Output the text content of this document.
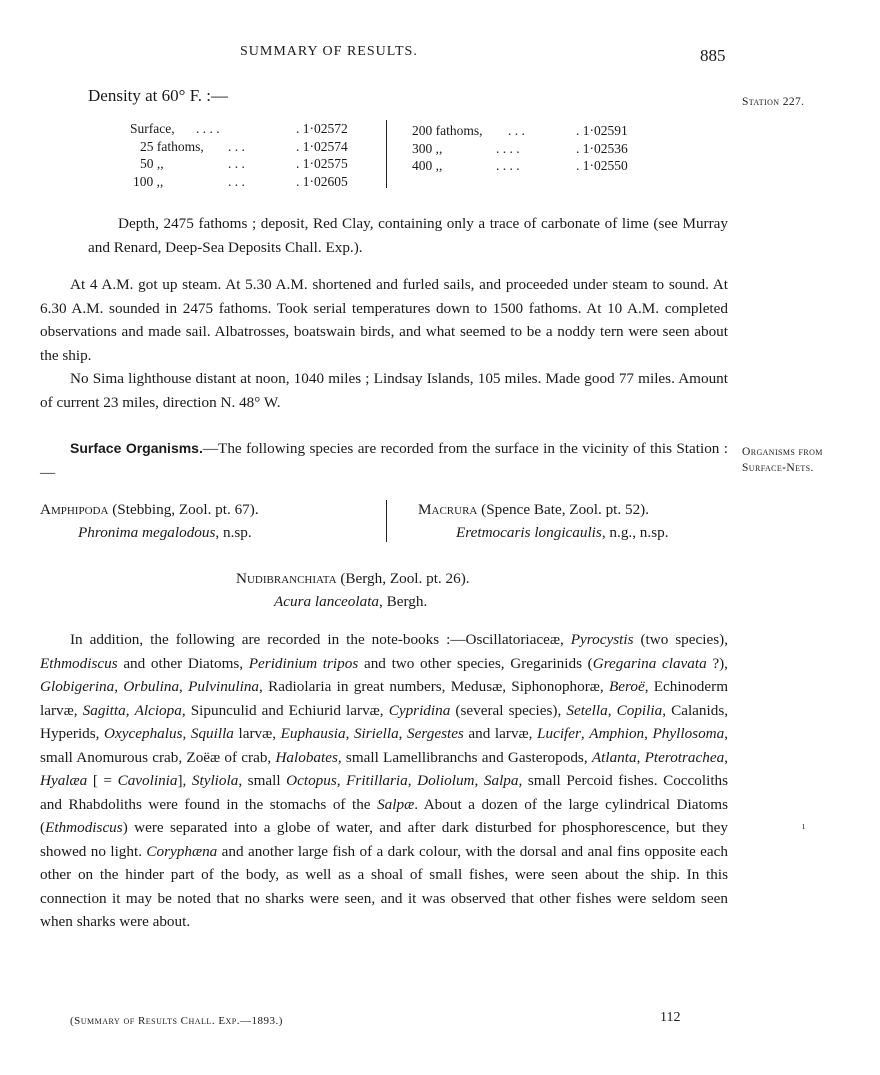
SUMMARY OF RESULTS.	885
Station 227.
Organisms from
Surface-Nets.
ı
Density at 60° F. :—
Surface, . . . .	. 1·02572
25 fathoms, . . .	. 1·02574
50 ,,	. . .	. 1·02575
100 ,,	. . .	. 1·02605
200 fathoms, . . .	. 1·02591
300 ,,	. . . .	. 1·02536
400 ,,	. . . .	. 1·02550

Depth, 2475 fathoms ; deposit, Red Clay, containing only a trace of carbonate of lime (see Murray and Renard, Deep-Sea Deposits Chall. Exp.).

At 4 A.M. got up steam. At 5.30 A.M. shortened and furled sails, and proceeded under steam to sound. At 6.30 A.M. sounded in 2475 fathoms. Took serial temperatures down to 1500 fathoms. At 10 A.M. completed observations and made sail. Albatrosses, boatswain birds, and what seemed to be a noddy tern were seen about the ship.

No Sima lighthouse distant at noon, 1040 miles ; Lindsay Islands, 105 miles. Made good 77 miles. Amount of current 23 miles, direction N. 48° W.

Surface Organisms.—The following species are recorded from the surface in the vicinity of this Station :—

Amphipoda (Stebbing, Zool. pt. 67).
Phronima megalodous, n.sp.
Macrura (Spence Bate, Zool. pt. 52).
Eretmocaris longicaulis, n.g., n.sp.
Nudibranchiata (Bergh, Zool. pt. 26).
Acura lanceolata, Bergh.

In addition, the following are recorded in the note-books :—Oscillatoriaceæ, Pyrocystis (two species), Ethmodiscus and other Diatoms, Peridinium tripos and two other species, Gregarinids (Gregarina clavata ?), Globigerina, Orbulina, Pulvinulina, Radiolaria in great numbers, Medusæ, Siphonophoræ, Beroë, Echinoderm larvæ, Sagitta, Alciopa, Sipunculid and Echiurid larvæ, Cypridina (several species), Setella, Copilia, Calanids, Hyperids, Oxycephalus, Squilla larvæ, Euphausia, Siriella, Sergestes and larvæ, Lucifer, Amphion, Phyllosoma, small Anomurous crab, Zoëæ of crab, Halobates, small Lamellibranchs and Gasteropods, Atlanta, Pterotrachea, Hyalæa [ = Cavolinia], Styliola, small Octopus, Fritillaria, Doliolum, Salpa, small Percoid fishes. Coccoliths and Rhabdoliths were found in the stomachs of the Salpæ. About a dozen of the large cylindrical Diatoms (Ethmodiscus) were separated into a globe of water, and after dark disturbed for phosphorescence, but they showed no light. Coryphæna and another large fish of a dark colour, with the dorsal and anal fins opposite each other on the hinder part of the body, as well as a shoal of small fishes, were seen about the ship. In this connection it may be noted that no sharks were seen, and it was observed that other fishes were seldom seen when sharks were about.

(Summary of Results Chall. Exp.—1893.)	112
